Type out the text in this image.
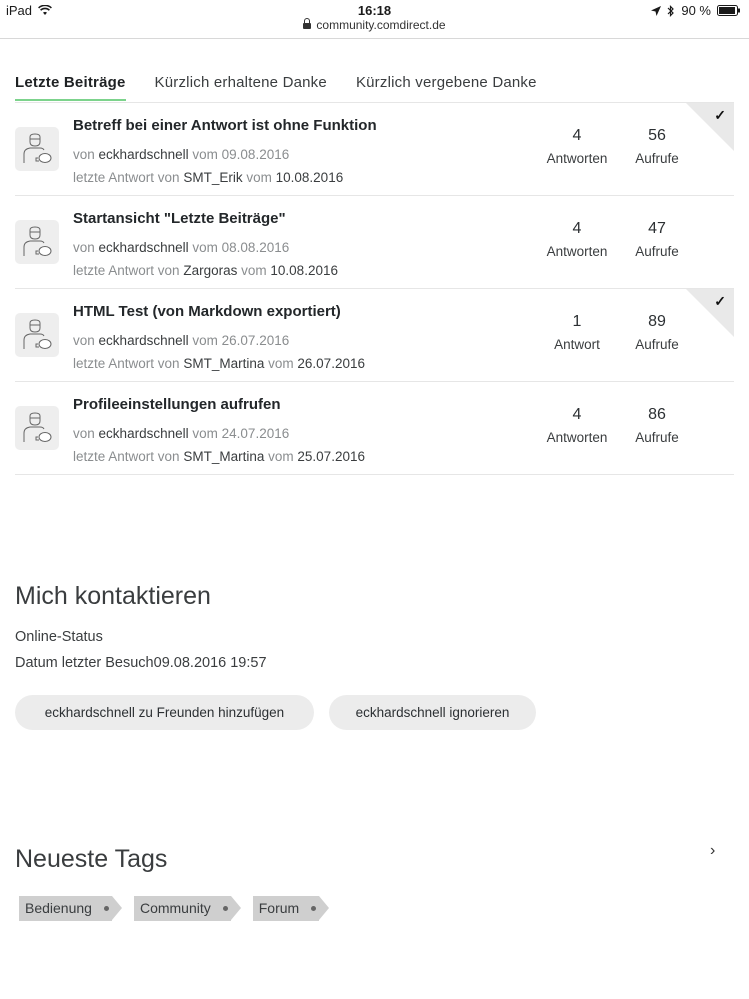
iPad	16:18	90 %
community.comdirect.de
Letzte Beiträge Kürzlich erhaltene Danke Kürzlich vergebene Danke
Betreff bei einer Antwort ist ohne Funktion
von eckhardschnell vom 09.08.2016
letzte Antwort von SMT_Erik vom 10.08.2016
4
Antworten
56
Aufrufe
✓
Startansicht "Letzte Beiträge"
von eckhardschnell vom 08.08.2016
letzte Antwort von Zargoras vom 10.08.2016
4
Antworten
47
Aufrufe
HTML Test (von Markdown exportiert)
von eckhardschnell vom 26.07.2016
letzte Antwort von SMT_Martina vom 26.07.2016
1
Antwort
89
Aufrufe
✓
Profileeinstellungen aufrufen
von eckhardschnell vom 24.07.2016
letzte Antwort von SMT_Martina vom 25.07.2016
4
Antworten
86
Aufrufe
Mich kontaktieren
Online-Status
Datum letzter Besuch09.08.2016 19:57
eckhardschnell zu Freunden hinzufügen	eckhardschnell ignorieren
Neueste Tags	›
Bedienung	Community	Forum
